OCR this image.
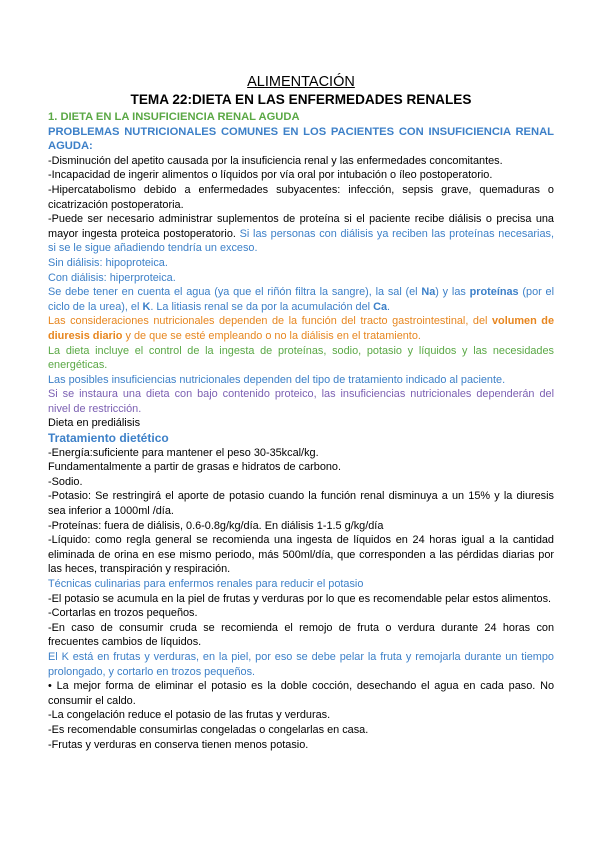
ALIMENTACIÓN

TEMA 22:DIETA EN LAS ENFERMEDADES RENALES

1. DIETA EN LA INSUFICIENCIA RENAL AGUDA

PROBLEMAS NUTRICIONALES COMUNES EN LOS PACIENTES CON INSUFICIENCIA RENAL AGUDA:

-Disminución del apetito causada por la insuficiencia renal y las enfermedades concomitantes.

-Incapacidad de ingerir alimentos o líquidos por vía oral por intubación o íleo postoperatorio.

-Hipercatabolismo debido a enfermedades subyacentes: infección, sepsis grave, quemaduras o cicatrización postoperatoria.

-Puede ser necesario administrar suplementos de proteína si el paciente recibe diálisis o precisa una mayor ingesta proteica postoperatorio. Si las personas con diálisis ya reciben las proteínas necesarias, si se le sigue añadiendo tendría un exceso.

Sin diálisis: hipoproteica.

Con diálisis: hiperproteica.

Se debe tener en cuenta el agua (ya que el riñón filtra la sangre), la sal (el Na) y las proteínas (por el ciclo de la urea), el K. La litiasis renal se da por la acumulación del Ca.

Las consideraciones nutricionales dependen de la función del tracto gastrointestinal, del volumen de diuresis diario y de que se esté empleando o no la diálisis en el tratamiento.

La dieta incluye el control de la ingesta de proteínas, sodio, potasio y líquidos y las necesidades energéticas.

Las posibles insuficiencias nutricionales dependen del tipo de tratamiento indicado al paciente.

Si se instaura una dieta con bajo contenido proteico, las insuficiencias nutricionales dependerán del nivel de restricción.

Dieta en prediálisis

Tratamiento dietético

-Energía:suficiente para mantener el peso 30-35kcal/kg.

Fundamentalmente a partir de grasas e hidratos de carbono.

-Sodio.

-Potasio: Se restringirá el aporte de potasio cuando la función renal disminuya a un 15% y la diuresis sea inferior a 1000ml /día.

-Proteínas: fuera de diálisis, 0.6-0.8g/kg/día. En diálisis 1-1.5 g/kg/día

-Líquido: como regla general se recomienda una ingesta de líquidos en 24 horas igual a la cantidad eliminada de orina en ese mismo periodo, más 500ml/día, que corresponden a las pérdidas diarias por las heces, transpiración y respiración.

Técnicas culinarias para enfermos renales para reducir el potasio

-El potasio se acumula en la piel de frutas y verduras por lo que es recomendable pelar estos alimentos.

-Cortarlas en trozos pequeños.

-En caso de consumir cruda se recomienda el remojo de fruta o verdura durante 24 horas con frecuentes cambios de líquidos.

El K está en frutas y verduras, en la piel, por eso se debe pelar la fruta y remojarla durante un tiempo prolongado, y cortarlo en trozos pequeños.

• La mejor forma de eliminar el potasio es la doble cocción, desechando el agua en cada paso. No consumir el caldo.

-La congelación reduce el potasio de las frutas y verduras.

-Es recomendable consumirlas congeladas o congelarlas en casa.

-Frutas y verduras en conserva tienen menos potasio.
